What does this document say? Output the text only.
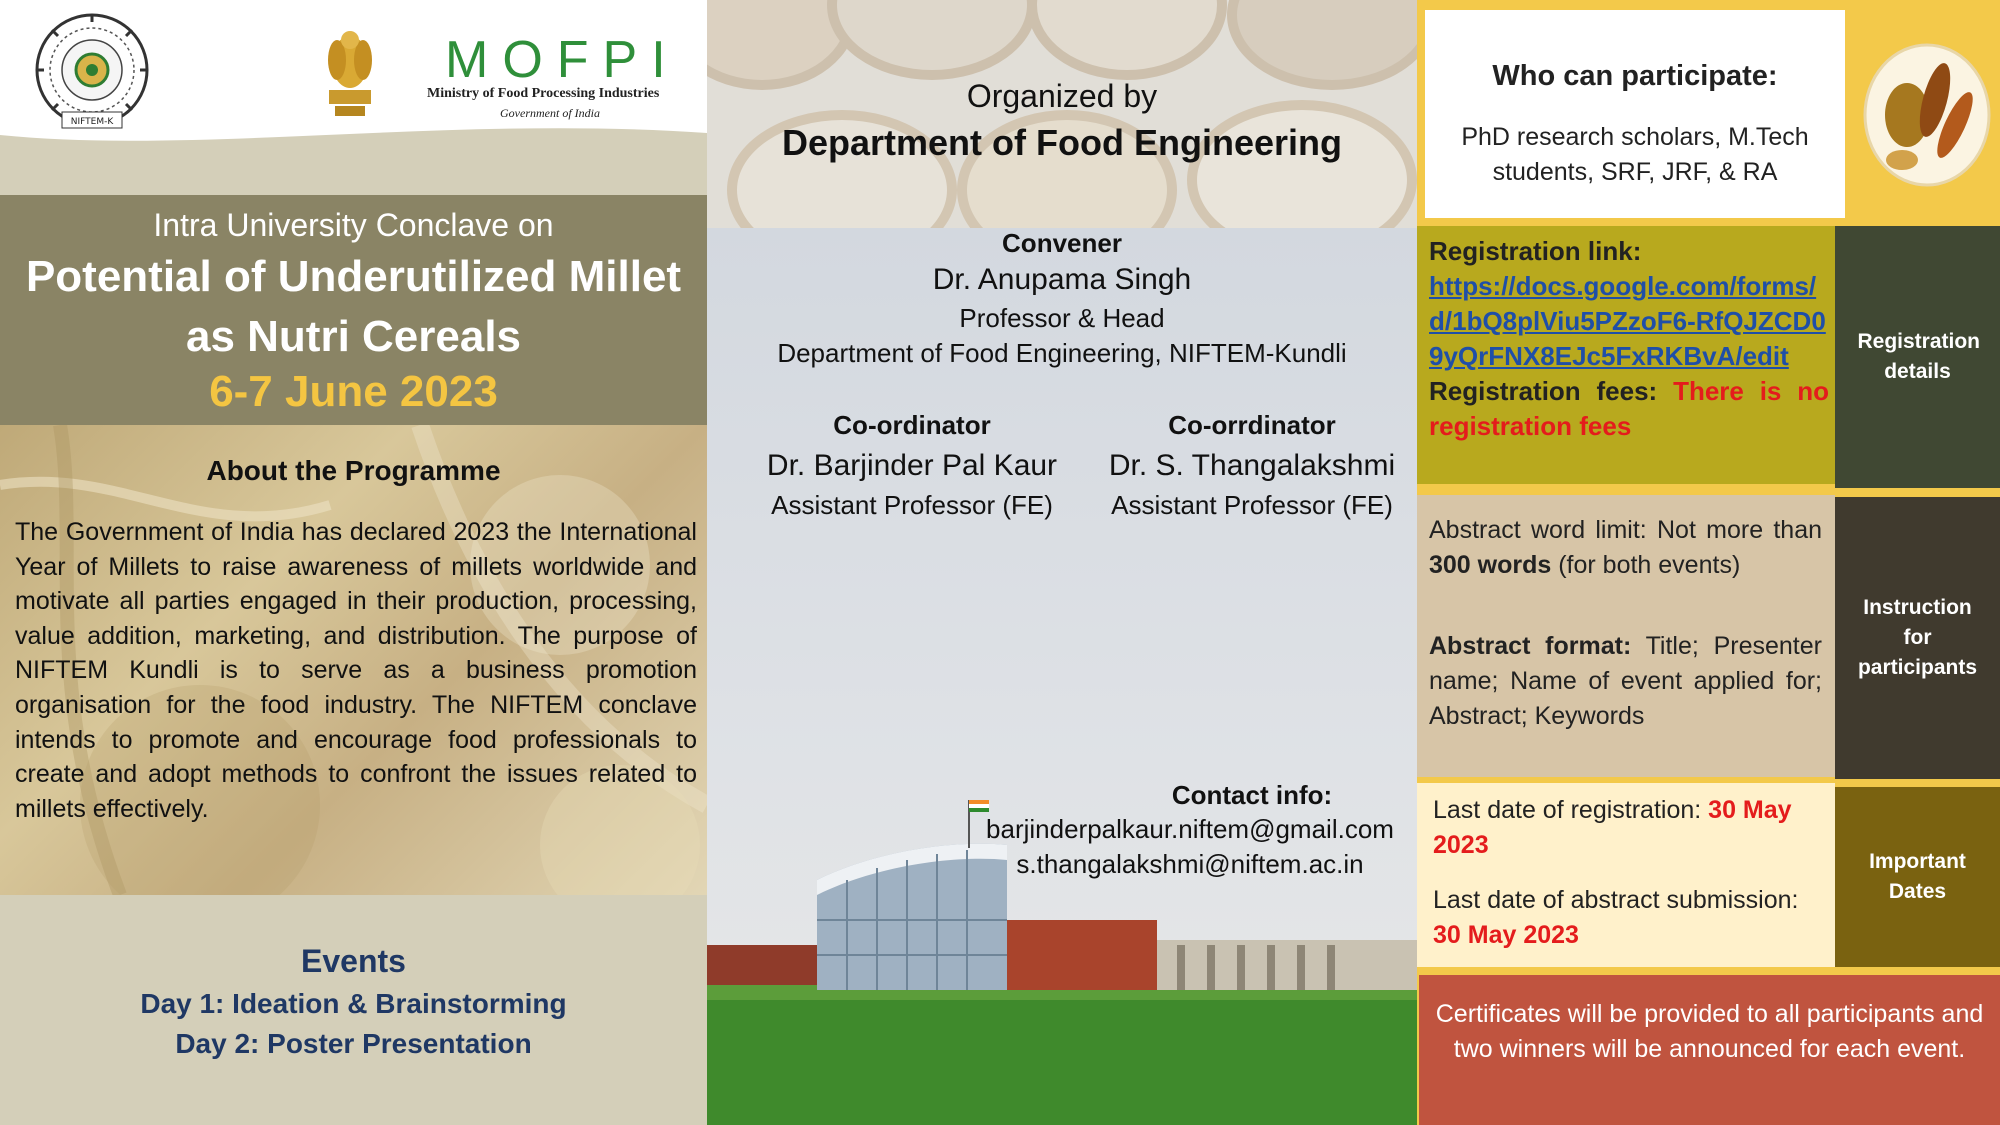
NIFTEM-K
MOFPI
Ministry of Food Processing Industries
Government of India
Intra University Conclave on
Potential of Underutilized Millet
as Nutri Cereals
6-7 June 2023
About the Programme
The Government of India has declared 2023 the International Year of Millets to raise awareness of millets worldwide and motivate all parties engaged in their production, processing, value addition, marketing, and distribution. The purpose of NIFTEM Kundli is to serve as a business promotion organisation for the food industry. The NIFTEM conclave intends to promote and encourage food professionals to create and adopt methods to confront the issues related to millets effectively.
Events
Day 1: Ideation & Brainstorming
Day 2: Poster Presentation
Organized by
Department of Food Engineering
Convener
Dr. Anupama Singh
Professor & Head
Department of Food Engineering, NIFTEM-Kundli
Co-ordinator
Dr. Barjinder Pal Kaur
Assistant Professor (FE)
Co-orrdinator
Dr. S. Thangalakshmi
Assistant Professor (FE)
Contact info:
barjinderpalkaur.niftem@gmail.com
s.thangalakshmi@niftem.ac.in
Who can participate:
PhD research scholars, M.Tech students, SRF, JRF, & RA
Registration link:
https://docs.google.com/forms/d/1bQ8plViu5PZzoF6-RfQJZCD09yQrFNX8EJc5FxRKBvA/edit
Registration fees: There is no
registration fees
Registration details
Abstract word limit: Not more than 300 words (for both events)
Abstract format: Title; Presenter name; Name of event applied for; Abstract; Keywords
Instruction for participants
Last date of registration: 30 May 2023
Last date of abstract submission: 30 May 2023
Important Dates
Certificates will be provided to all participants and two winners will be announced for each event.
